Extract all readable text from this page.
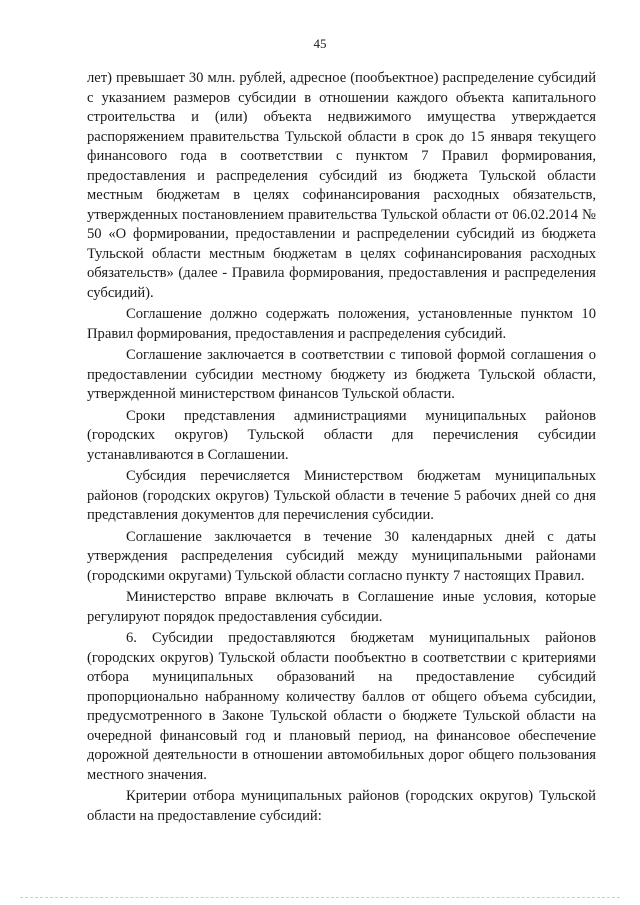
45

лет) превышает 30 млн. рублей, адресное (пообъектное) распределение субсидий с указанием размеров субсидии в отношении каждого объекта капитального строительства и (или) объекта недвижимого имущества утверждается распоряжением правительства Тульской области в срок до 15 января текущего финансового года в соответствии с пунктом 7 Правил формирования, предоставления и распределения субсидий из бюджета Тульской области местным бюджетам в целях софинансирования расходных обязательств, утвержденных постановлением правительства Тульской области от 06.02.2014 № 50 «О формировании, предоставлении и распределении субсидий из бюджета Тульской области местным бюджетам в целях софинансирования расходных обязательств» (далее - Правила формирования, предоставления и распределения субсидий).

Соглашение должно содержать положения, установленные пунктом 10 Правил формирования, предоставления и распределения субсидий.

Соглашение заключается в соответствии с типовой формой соглашения о предоставлении субсидии местному бюджету из бюджета Тульской области, утвержденной министерством финансов Тульской области.

Сроки представления администрациями муниципальных районов (городских округов) Тульской области для перечисления субсидии устанавливаются в Соглашении.

Субсидия перечисляется Министерством бюджетам муниципальных районов (городских округов) Тульской области в течение 5 рабочих дней со дня представления документов для перечисления субсидии.

Соглашение заключается в течение 30 календарных дней с даты утверждения распределения субсидий между муниципальными районами (городскими округами) Тульской области согласно пункту 7 настоящих Правил.

Министерство вправе включать в Соглашение иные условия, которые регулируют порядок предоставления субсидии.

6. Субсидии предоставляются бюджетам муниципальных районов (городских округов) Тульской области пообъектно в соответствии с критериями отбора муниципальных образований на предоставление субсидий пропорционально набранному количеству баллов от общего объема субсидии, предусмотренного в Законе Тульской области о бюджете Тульской области на очередной финансовый год и плановый период, на финансовое обеспечение дорожной деятельности в отношении автомобильных дорог общего пользования местного значения.

Критерии отбора муниципальных районов (городских округов) Тульской области на предоставление субсидий:
